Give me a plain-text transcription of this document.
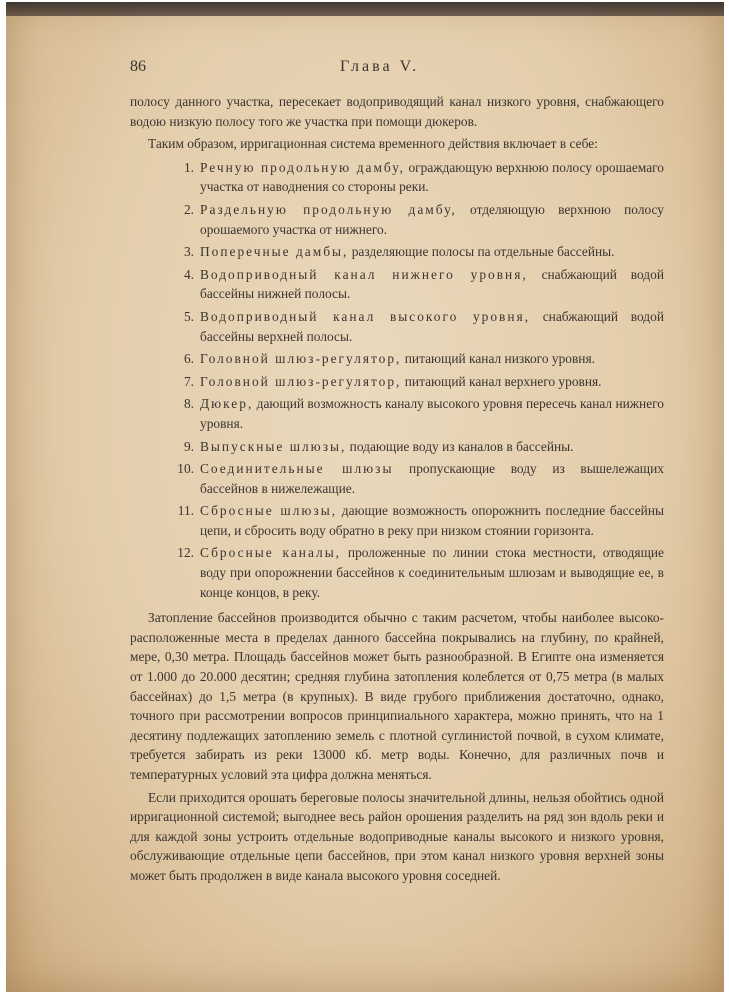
86	Глава V.

полосу данного участка, пересекает водоприводящий канал низкого уровня, снабжающего водою низкую полосу того же участка при помощи дюкеров.

Таким образом, ирригационная система временного действия включает в себе:

1. Речную продольную дамбу, ограждающую верхнюю полосу орошаемаго участка от наводнения со стороны реки.
2. Раздельную продольную дамбу, отделяющую верхнюю полосу орошаемого участка от нижнего.
3. Поперечные дамбы, разделяющие полосы па отдельные бассейны.
4. Водоприводный канал нижнего уровня, снабжающий водой бассейны нижней полосы.
5. Водоприводный канал высокого уровня, снабжающий водой бассейны верхней полосы.
6. Головной шлюз-регулятор, питающий канал низкого уровня.
7. Головной шлюз-регулятор, питающий канал верхнего уровня.
8. Дюкер, дающий возможность каналу высокого уровня пересечь канал нижнего уровня.
9. Выпускные шлюзы, подающие воду из каналов в бассейны.
10. Соединительные шлюзы пропускающие воду из вышележащих бассейнов в нижележащие.
11. Сбросные шлюзы, дающие возможность опорожнить последние бассейны цепи, и сбросить воду обратно в реку при низком стоянии горизонта.
12. Сбросные каналы, проложенные по линии стока местности, отводящие воду при опорожнении бассейнов к соединительным шлюзам и выводящие ее, в конце концов, в реку.

Затопление бассейнов производится обычно с таким расчетом, чтобы наиболее высоко-расположенные места в пределах данного бассейна покрывались на глубину, по крайней, мере, 0,30 метра. Площадь бассейнов может быть разнообразной. В Египте она изменяется от 1.000 до 20.000 десятин; средняя глубина затопления колеблется от 0,75 метра (в малых бассейнах) до 1,5 метра (в крупных). В виде грубого приближения достаточно, однако, точного при рассмотрении вопросов принципиального характера, можно принять, что на 1 десятину подлежащих затоплению земель с плотной суглинистой почвой, в сухом климате, требуется забирать из реки 13000 кб. метр воды. Конечно, для различных почв и температурных условий эта цифра должна меняться.

Если приходится орошать береговые полосы значительной длины, нельзя обойтись одной ирригационной системой; выгоднее весь район орошения разделить на ряд зон вдоль реки и для каждой зоны устроить отдельные водоприводные каналы высокого и низкого уровня, обслуживающие отдельные цепи бассейнов, при этом канал низкого уровня верхней зоны может быть продолжен в виде канала высокого уровня соседней.
